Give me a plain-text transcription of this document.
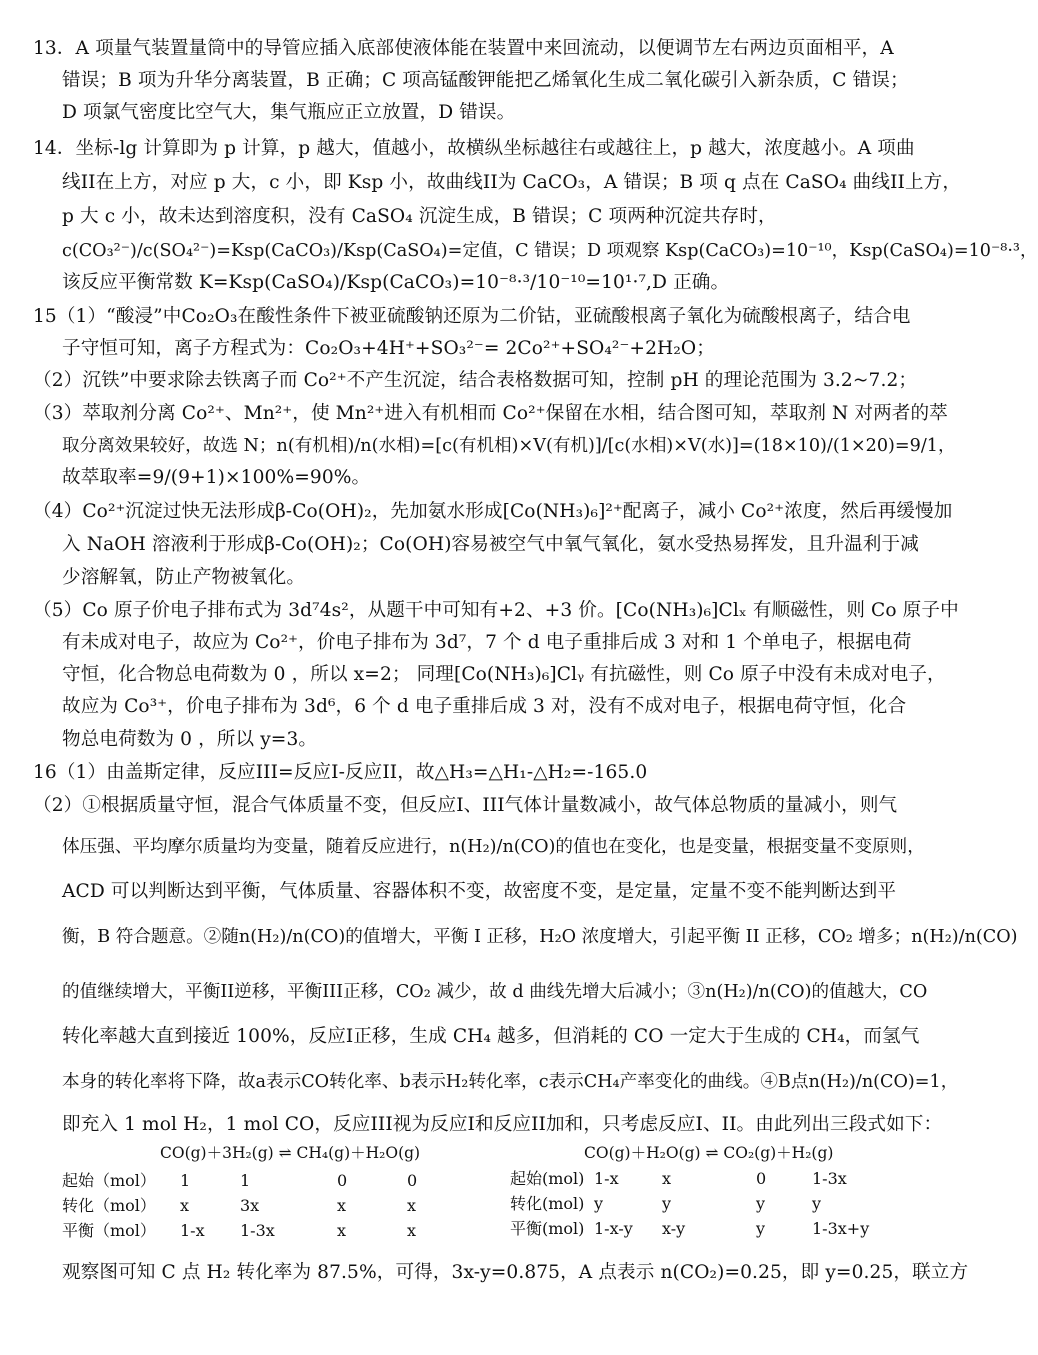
13．A 项量气装置量筒中的导管应插入底部使液体能在装置中来回流动，以便调节左右两边页面相平，A
错误；B 项为升华分离装置，B 正确；C 项高锰酸钾能把乙烯氧化生成二氧化碳引入新杂质，C 错误；
D 项氯气密度比空气大，集气瓶应正立放置，D 错误。
14．坐标-lg 计算即为 p 计算，p 越大，值越小，故横纵坐标越往右或越往上，p 越大，浓度越小。A 项曲
线II在上方，对应 p 大，c 小，即 Ksp 小，故曲线II为 CaCO₃，A 错误；B 项 q 点在 CaSO₄ 曲线II上方，
p 大 c 小，故未达到溶度积，没有 CaSO₄ 沉淀生成，B 错误；C 项两种沉淀共存时，
c(CO₃²⁻)/c(SO₄²⁻)=Ksp(CaCO₃)/Ksp(CaSO₄)=定值，C 错误；D 项观察 Ksp(CaCO₃)=10⁻¹⁰，Ksp(CaSO₄)=10⁻⁸·³，
该反应平衡常数 K=Ksp(CaSO₄)/Ksp(CaCO₃)=10⁻⁸·³/10⁻¹⁰=10¹·⁷,D 正确。
15（1）“酸浸”中Co₂O₃在酸性条件下被亚硫酸钠还原为二价钴，亚硫酸根离子氧化为硫酸根离子，结合电
子守恒可知，离子方程式为：Co₂O₃+4H⁺+SO₃²⁻= 2Co²⁺+SO₄²⁻+2H₂O；
（2）沉铁”中要求除去铁离子而 Co²⁺不产生沉淀，结合表格数据可知，控制 pH 的理论范围为 3.2~7.2；
（3）萃取剂分离 Co²⁺、Mn²⁺，使 Mn²⁺进入有机相而 Co²⁺保留在水相，结合图可知，萃取剂 N 对两者的萃
取分离效果较好，故选 N；n(有机相)/n(水相)=[c(有机相)×V(有机)]/[c(水相)×V(水)]=(18×10)/(1×20)=9/1，
故萃取率=9/(9+1)×100%=90%。
（4）Co²⁺沉淀过快无法形成β-Co(OH)₂，先加氨水形成[Co(NH₃)₆]²⁺配离子，减小 Co²⁺浓度，然后再缓慢加
入 NaOH 溶液利于形成β-Co(OH)₂；Co(OH)容易被空气中氧气氧化，氨水受热易挥发，且升温利于减
少溶解氧，防止产物被氧化。
（5）Co 原子价电子排布式为 3d⁷4s²，从题干中可知有+2、+3 价。[Co(NH₃)₆]Clₓ 有顺磁性，则 Co 原子中
有未成对电子，故应为 Co²⁺，价电子排布为 3d⁷，7 个 d 电子重排后成 3 对和 1 个单电子，根据电荷
守恒，化合物总电荷数为 0 ，所以 x=2； 同理[Co(NH₃)₆]Clᵧ 有抗磁性，则 Co 原子中没有未成对电子，
故应为 Co³⁺，价电子排布为 3d⁶，6 个 d 电子重排后成 3 对，没有不成对电子，根据电荷守恒，化合
物总电荷数为 0 ，所以 y=3。
16（1）由盖斯定律，反应III=反应I-反应II，故△H₃=△H₁-△H₂=-165.0
（2）①根据质量守恒，混合气体质量不变，但反应I、III气体计量数减小，故气体总物质的量减小，则气
体压强、平均摩尔质量均为变量，随着反应进行，n(H₂)/n(CO)的值也在变化，也是变量，根据变量不变原则，
ACD 可以判断达到平衡，气体质量、容器体积不变，故密度不变，是定量，定量不变不能判断达到平
衡，B 符合题意。②随n(H₂)/n(CO)的值增大，平衡 I 正移，H₂O 浓度增大，引起平衡 II 正移，CO₂ 增多；n(H₂)/n(CO)
的值继续增大，平衡II逆移，平衡III正移，CO₂ 减少，故 d 曲线先增大后减小；③n(H₂)/n(CO)的值越大，CO
转化率越大直到接近 100%，反应I正移，生成 CH₄ 越多，但消耗的 CO 一定大于生成的 CH₄，而氢气
本身的转化率将下降，故a表示CO转化率、b表示H₂转化率，c表示CH₄产率变化的曲线。④B点n(H₂)/n(CO)=1，
即充入 1 mol H₂，1 mol CO，反应III视为反应I和反应II加和，只考虑反应I、II。由此列出三段式如下：
观察图可知 C 点 H₂ 转化率为 87.5%，可得，3x-y=0.875，A 点表示 n(CO₂)=0.25，即 y=0.25，联立方
CO(g)＋3H₂(g) ⇌ CH₄(g)＋H₂O(g)
起始（mol） 1	1	0	0
转化（mol） x	3x	x	x
平衡（mol） 1-x 1-3x	x	x
CO(g)＋H₂O(g) ⇌ CO₂(g)＋H₂(g)
起始(mol) 1-x	x	0	1-3x
转化(mol) y	y	y	y
平衡(mol) 1-x-y x-y	y	1-3x+y
